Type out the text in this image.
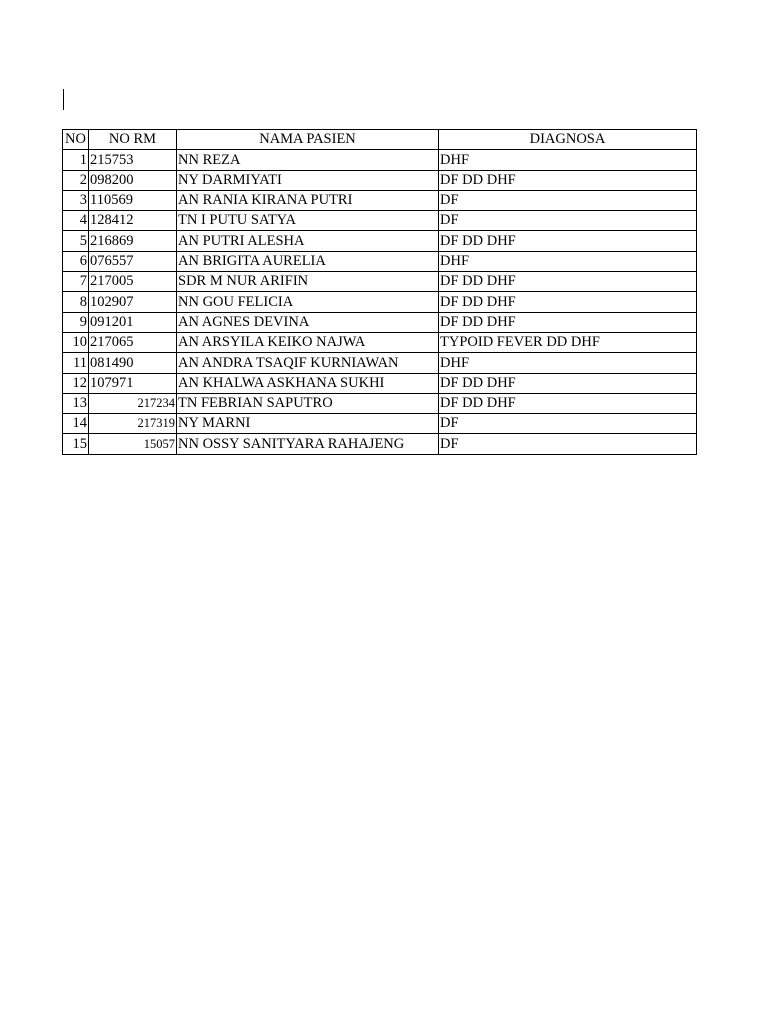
NO	NO RM	NAMA PASIEN	DIAGNOSA
1	215753	NN REZA	DHF
2	098200	NY DARMIYATI	DF DD DHF
3	110569	AN RANIA KIRANA PUTRI	DF
4	128412	TN I PUTU SATYA	DF
5	216869	AN PUTRI ALESHA	DF DD DHF
6	076557	AN BRIGITA AURELIA	DHF
7	217005	SDR M NUR ARIFIN	DF DD DHF
8	102907	NN GOU FELICIA	DF DD DHF
9	091201	AN AGNES DEVINA	DF DD DHF
10	217065	AN ARSYILA KEIKO NAJWA	TYPOID FEVER DD DHF
11	081490	AN ANDRA TSAQIF KURNIAWAN	DHF
12	107971	AN KHALWA ASKHANA SUKHI	DF DD DHF
13	217234	TN FEBRIAN SAPUTRO	DF DD DHF
14	217319	NY MARNI	DF
15	15057	NN OSSY SANITYARA RAHAJENG	DF
